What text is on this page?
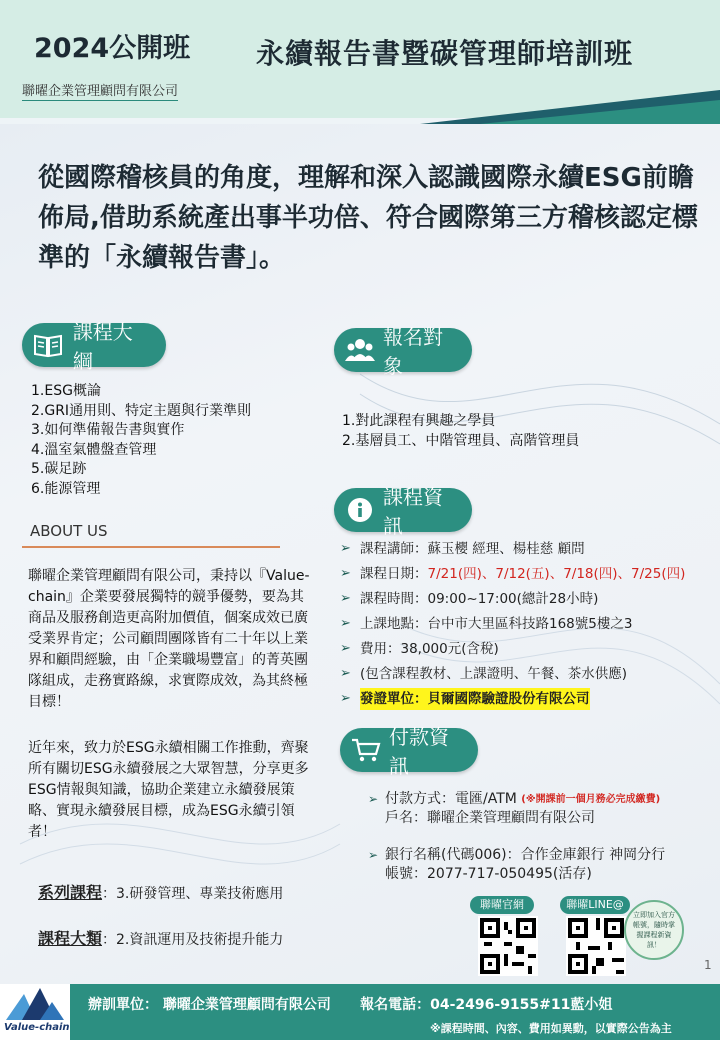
2024公開班 永續報告書暨碳管理師培訓班
聯曜企業管理顧問有限公司
從國際稽核員的角度，理解和深入認識國際永續ESG前瞻佈局,借助系統產出事半功倍、符合國際第三方稽核認定標準的「永續報告書」。
課程大綱
1.ESG概論
2.GRI通用則、特定主題與行業準則
3.如何準備報告書與實作
4.溫室氣體盤查管理
5.碳足跡
6.能源管理
報名對象
1.對此課程有興趣之學員
2.基層員工、中階管理員、高階管理員
ABOUT US
聯曜企業管理顧問有限公司，秉持以『Value-chain』企業要發展獨特的競爭優勢，要為其商品及服務創造更高附加價值，個案成效已廣受業界肯定；公司顧問團隊皆有二十年以上業界和顧問經驗，由「企業職場豐富」的菁英團隊組成，走務實路線，求實際成效，為其終極目標！
近年來，致力於ESG永續相關工作推動，齊聚所有關切ESG永續發展之大眾智慧，分享更多ESG情報與知識，協助企業建立永續發展策略、實現永續發展目標，成為ESG永續引領者！
課程資訊
➢ 課程講師：蘇玉櫻 經理、楊桂慈 顧問
➢ 課程日期： 7/21(四)、7/12(五)、7/18(四)、7/25(四)
➢ 課程時間：09:00~17:00(總計28小時)
➢ 上課地點：台中市大里區科技路168號5樓之3
➢ 費用：38,000元(含稅)
➢ (包含課程教材、上課證明、午餐、茶水供應)
➢ 發證單位：貝爾國際驗證股份有限公司
付款資訊
➢ 付款方式：電匯/ATM
(※開課前一個月務必完成繳費)
戶名：聯曜企業管理顧問有限公司
➢ 銀行名稱(代碼006)：合作金庫銀行 神岡分行
帳號：2077-717-050495(活存)
系列課程：3.研發管理、專業技術應用
課程大類：2.資訊運用及技術提升能力
聯曜官網	聯曜LINE@
立即加入官方帳號，隨時掌握課程新資訊！
1
Value-chain
辦訓單位： 聯曜企業管理顧問有限公司 報名電話：04-2496-9155#11藍小姐
※課程時間、內容、費用如異動，以實際公告為主
